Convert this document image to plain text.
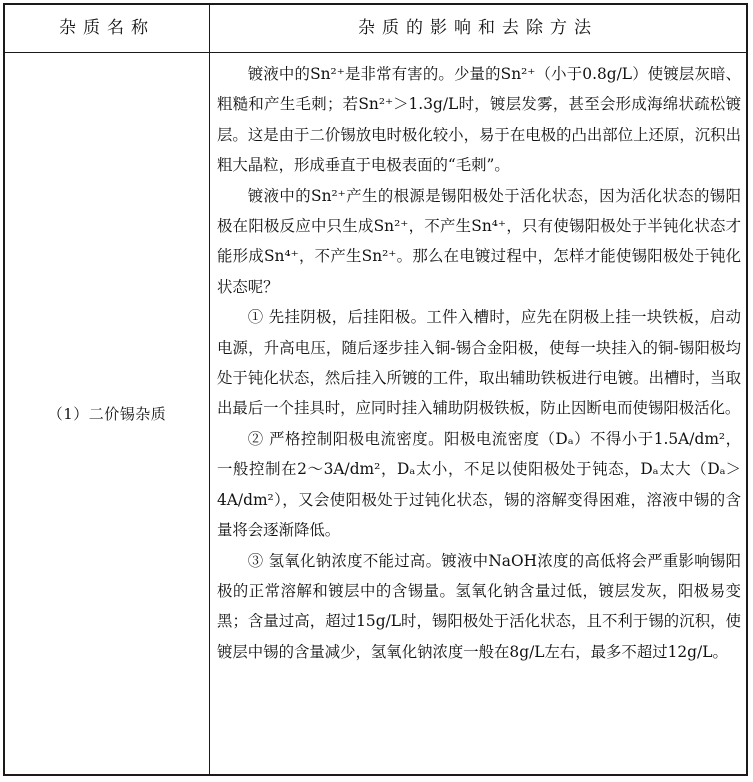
杂质名称	杂质的影响和去除方法
（1）二价锡杂质

镀液中的Sn²⁺是非常有害的。少量的Sn²⁺（小于0.8g/L）使镀层灰暗、粗糙和产生毛刺；若Sn²⁺＞1.3g/L时，镀层发雾，甚至会形成海绵状疏松镀层。这是由于二价锡放电时极化较小，易于在电极的凸出部位上还原，沉积出粗大晶粒，形成垂直于电极表面的“毛刺”。

镀液中的Sn²⁺产生的根源是锡阳极处于活化状态，因为活化状态的锡阳极在阳极反应中只生成Sn²⁺，不产生Sn⁴⁺，只有使锡阳极处于半钝化状态才能形成Sn⁴⁺，不产生Sn²⁺。那么在电镀过程中，怎样才能使锡阳极处于钝化状态呢？

① 先挂阴极，后挂阳极。工件入槽时，应先在阴极上挂一块铁板，启动电源，升高电压，随后逐步挂入铜-锡合金阳极，使每一块挂入的铜-锡阳极均处于钝化状态，然后挂入所镀的工件，取出辅助铁板进行电镀。出槽时，当取出最后一个挂具时，应同时挂入辅助阴极铁板，防止因断电而使锡阳极活化。

② 严格控制阳极电流密度。阳极电流密度（Dₐ）不得小于1.5A/dm²，一般控制在2～3A/dm²，Dₐ太小，不足以使阳极处于钝态，Dₐ太大（Dₐ＞4A/dm²），又会使阳极处于过钝化状态，锡的溶解变得困难，溶液中锡的含量将会逐渐降低。

③ 氢氧化钠浓度不能过高。镀液中NaOH浓度的高低将会严重影响锡阳极的正常溶解和镀层中的含锡量。氢氧化钠含量过低，镀层发灰，阳极易变黑；含量过高，超过15g/L时，锡阳极处于活化状态，且不利于锡的沉积，使镀层中锡的含量减少，氢氧化钠浓度一般在8g/L左右，最多不超过12g/L。
